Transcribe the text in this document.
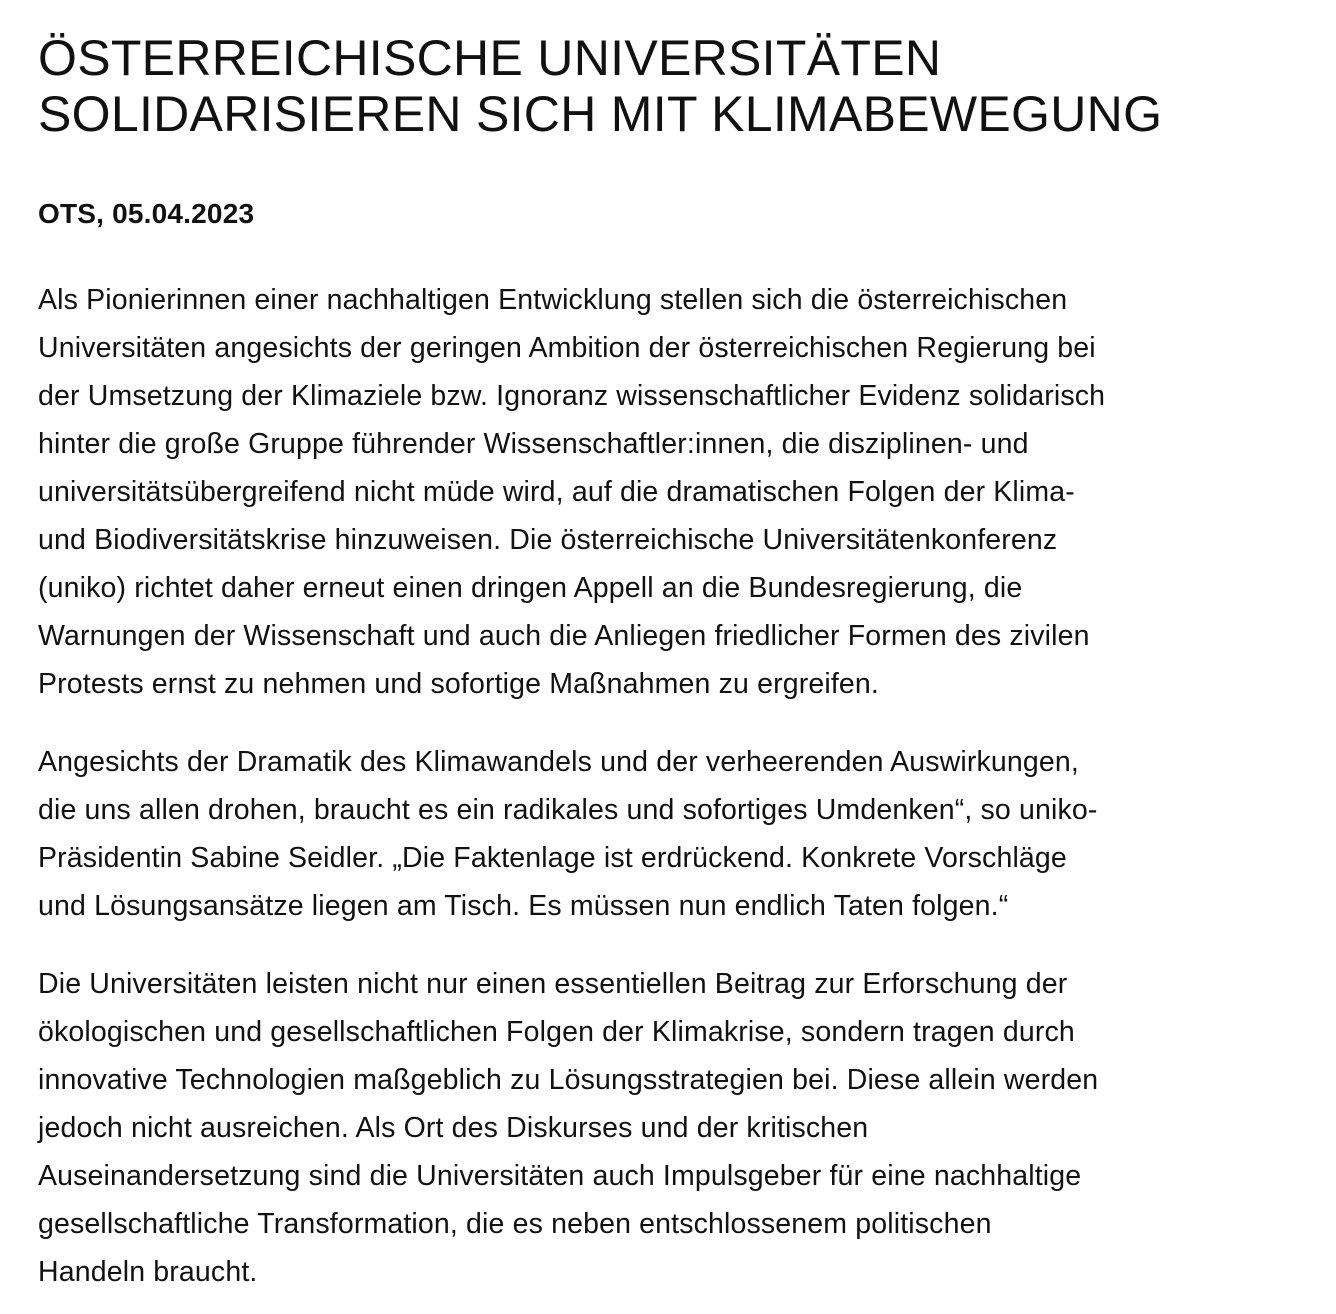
ÖSTERREICHISCHE UNIVERSITÄTEN
SOLIDARISIEREN SICH MIT KLIMABEWEGUNG
OTS, 05.04.2023

Als Pionierinnen einer nachhaltigen Entwicklung stellen sich die österreichischen
Universitäten angesichts der geringen Ambition der österreichischen Regierung bei
der Umsetzung der Klimaziele bzw. Ignoranz wissenschaftlicher Evidenz solidarisch
hinter die große Gruppe führender Wissenschaftler:innen, die disziplinen- und
universitätsübergreifend nicht müde wird, auf die dramatischen Folgen der Klima-
und Biodiversitätskrise hinzuweisen. Die österreichische Universitätenkonferenz
(uniko) richtet daher erneut einen dringen Appell an die Bundesregierung, die
Warnungen der Wissenschaft und auch die Anliegen friedlicher Formen des zivilen
Protests ernst zu nehmen und sofortige Maßnahmen zu ergreifen.

Angesichts der Dramatik des Klimawandels und der verheerenden Auswirkungen,
die uns allen drohen, braucht es ein radikales und sofortiges Umdenken“, so uniko-
Präsidentin Sabine Seidler. „Die Faktenlage ist erdrückend. Konkrete Vorschläge
und Lösungsansätze liegen am Tisch. Es müssen nun endlich Taten folgen.“

Die Universitäten leisten nicht nur einen essentiellen Beitrag zur Erforschung der
ökologischen und gesellschaftlichen Folgen der Klimakrise, sondern tragen durch
innovative Technologien maßgeblich zu Lösungsstrategien bei. Diese allein werden
jedoch nicht ausreichen. Als Ort des Diskurses und der kritischen
Auseinandersetzung sind die Universitäten auch Impulsgeber für eine nachhaltige
gesellschaftliche Transformation, die es neben entschlossenem politischen
Handeln braucht.
